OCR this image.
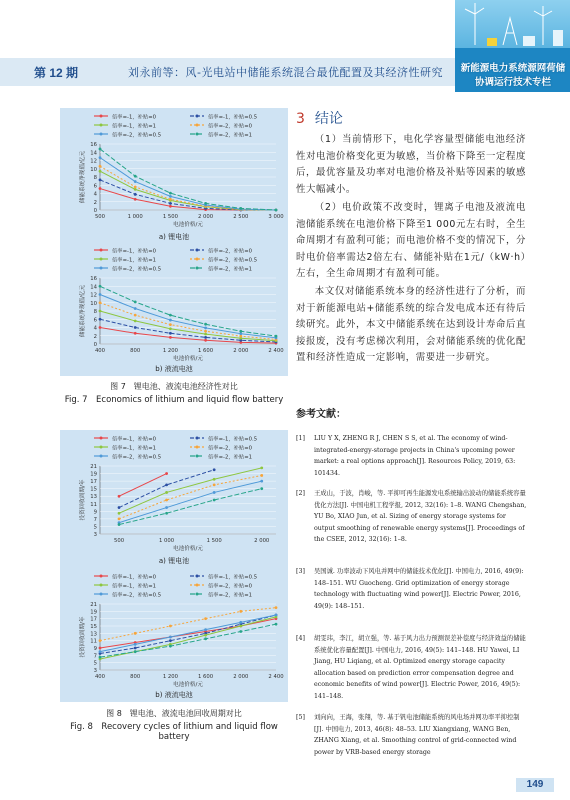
第 12 期	刘永前等：风-光电站中储能系统混合最优配置及其经济性研究 新能源电力系统源网荷储
协调运行技术专栏
倍率=-1，补贴=0	倍率=-1，补贴=0.5
倍率=-1，补贴=1	倍率=-2，补贴=0
倍率=-2，补贴=0.5	倍率=-2，补贴=1
0
2
4
6
8
10
12
14
16
500	1 000	1 500	2 000	2 500	3 000
电池价格/元
储能系统净现值/亿元
a) 锂电池
倍率=-1，补贴=0	倍率=-2，补贴=0
倍率=-1，补贴=1	倍率=-2，补贴=0.5
倍率=-2，补贴=0.5	倍率=-2，补贴=1
0
2
4
6
8
10
12
14
16
400	800	1 200	1 600	2 000	2 400
电池价格/元
储能系统净现值/亿元
b) 液流电池
图 7　锂电池、液流电池经济性对比
Fig. 7　Economics of lithium and liquid flow battery
倍率=-1，补贴=0	倍率=-1，补贴=0.5
倍率=-1，补贴=1	倍率=-2，补贴=0
倍率=-2，补贴=0.5	倍率=-2，补贴=1
3
5
7
9
11
13
15
17
19
21
500	1 000	1 500	2 000
电池价格/元
投资回收周期/年
a) 锂电池
倍率=-1，补贴=0	倍率=-1，补贴=0.5
倍率=-1，补贴=1	倍率=-2，补贴=0
倍率=-2，补贴=0.5	倍率=-2，补贴=1
3
5
7
9
11
13
15
17
19
21
400	800	1 200	1 600	2 000	2 400
电池价格/元
投资回收周期/年
b) 液流电池
图 8　锂电池、液流电池回收周期对比
Fig. 8　Recovery cycles of lithium and liquid flow battery
3 结论
（1）当前情形下，电化学容量型储能电池经济性对电池价格变化更为敏感，当价格下降至一定程度后，最优容量及功率对电池价格及补贴等因素的敏感性大幅减小。
（2）电价政策不改变时，锂离子电池及液流电池储能系统在电池价格下降至1 000元左右时，全生命周期才有盈利可能；而电池价格不变的情况下，分时电价倍率需达2倍左右、储能补贴在1元/（kW·h）左右，全生命周期才有盈利可能。
本文仅对储能系统本身的经济性进行了分析，而对于新能源电站+储能系统的综合发电成本还有待后续研究。此外，本文中储能系统在达到设计寿命后直接报废，没有考虑梯次利用，会对储能系统的优化配置和经济性造成一定影响，需要进一步研究。
参考文献：
[1] LIU Y X, ZHENG R J, CHEN S S, et al. The economy of wind-integrated-energy-storage projects in China's upcoming power market: a real options approach[J]. Resources Policy, 2019, 63: 101434.
[2] 王成山，于波，肖峻，等. 平抑可再生能源发电系统输出波动的储能系统容量优化方法[J]. 中国电机工程学报, 2012, 32(16): 1–8. WANG Chengshan, YU Bo, XIAO Jun, et al. Sizing of energy storage systems for output smoothing of renewable energy systems[J]. Proceedings of the CSEE, 2012, 32(16): 1–8.
[3] 吴国诚. 功率波动下风电并网中的储能技术优化[J]. 中国电力, 2016, 49(9): 148–151. WU Guocheng. Grid optimization of energy storage technology with fluctuating wind power[J]. Electric Power, 2016, 49(9): 148–151.
[4] 胡雯玮，李江，胡立强，等. 基于风力出力预测误差补偿度与经济效益的储能系统优化容量配置[J]. 中国电力, 2016, 49(5): 141–148. HU Yawei, LI Jiang, HU Liqiang, et al. Optimized energy storage capacity allocation based on prediction error compensation degree and economic benefits of wind power[J]. Electric Power, 2016, 49(5): 141–148.
[5] 刘向向，王海，张翔，等. 基于钒电池储能系统的风电场并网功率平抑控制[J]. 中国电力, 2013, 46(8): 48–53. LIU Xiangxiang, WANG Ben, ZHANG Xiang, et al. Smoothing control of grid-connected wind power by VRB-based energy storage
149
